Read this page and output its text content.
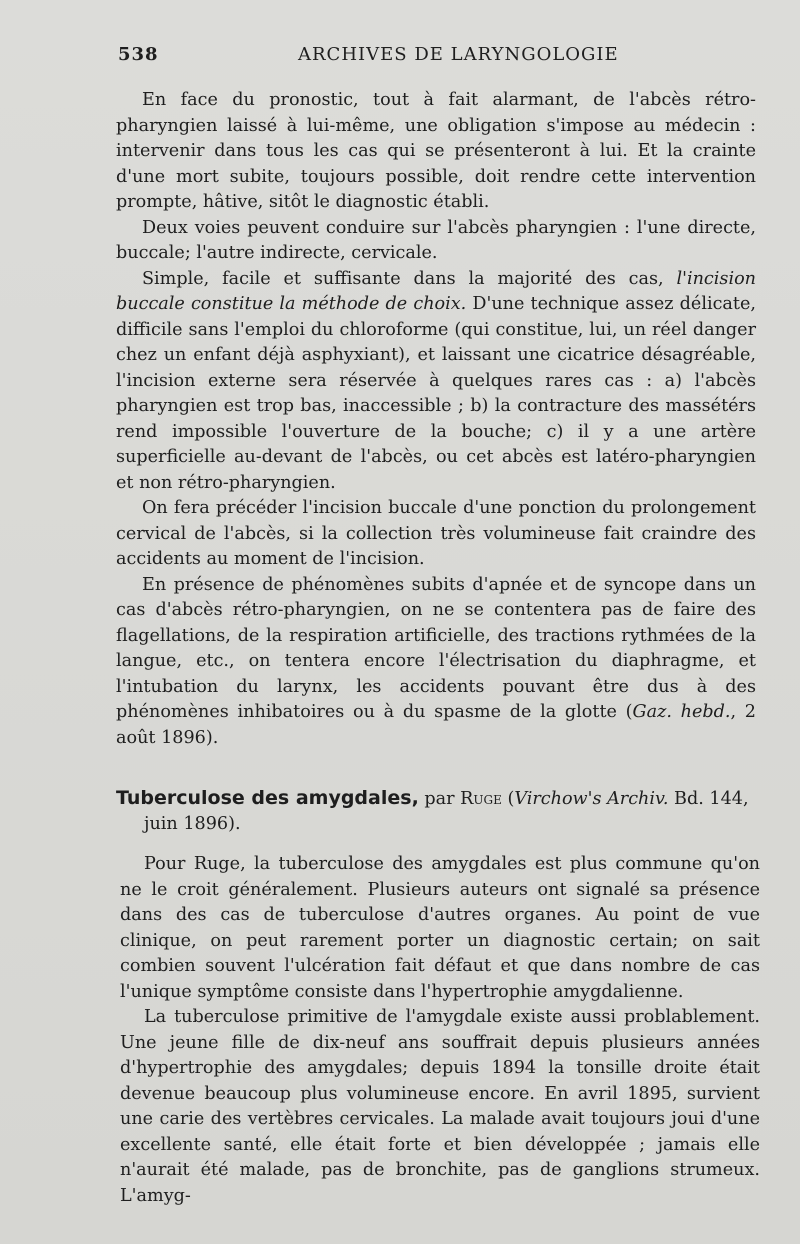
538	ARCHIVES DE LARYNGOLOGIE

En face du pronostic, tout à fait alarmant, de l'abcès rétro-pharyngien laissé à lui-même, une obligation s'impose au médecin : intervenir dans tous les cas qui se présenteront à lui. Et la crainte d'une mort subite, toujours possible, doit rendre cette intervention prompte, hâtive, sitôt le diagnostic établi.

Deux voies peuvent conduire sur l'abcès pharyngien : l'une directe, buccale; l'autre indirecte, cervicale.

Simple, facile et suffisante dans la majorité des cas, l'incision buccale constitue la méthode de choix. D'une technique assez délicate, difficile sans l'emploi du chloroforme (qui constitue, lui, un réel danger chez un enfant déjà asphyxiant), et laissant une cicatrice désagréable, l'incision externe sera réservée à quelques rares cas : a) l'abcès pharyngien est trop bas, inaccessible ; b) la contracture des massétérs rend impossible l'ouverture de la bouche; c) il y a une artère superficielle au-devant de l'abcès, ou cet abcès est latéro-pharyngien et non rétro-pharyngien.

On fera précéder l'incision buccale d'une ponction du prolongement cervical de l'abcès, si la collection très volumineuse fait craindre des accidents au moment de l'incision.

En présence de phénomènes subits d'apnée et de syncope dans un cas d'abcès rétro-pharyngien, on ne se contentera pas de faire des flagellations, de la respiration artificielle, des tractions rythmées de la langue, etc., on tentera encore l'électrisation du diaphragme, et l'intubation du larynx, les accidents pouvant être dus à des phénomènes inhibatoires ou à du spasme de la glotte (Gaz. hebd., 2 août 1896).

Tuberculose des amygdales, par Ruge (Virchow's Archiv. Bd. 144, juin 1896).

Pour Ruge, la tuberculose des amygdales est plus commune qu'on ne le croit généralement. Plusieurs auteurs ont signalé sa présence dans des cas de tuberculose d'autres organes. Au point de vue clinique, on peut rarement porter un diagnostic certain; on sait combien souvent l'ulcération fait défaut et que dans nombre de cas l'unique symptôme consiste dans l'hypertrophie amygdalienne.

La tuberculose primitive de l'amygdale existe aussi problablement. Une jeune fille de dix-neuf ans souffrait depuis plusieurs années d'hypertrophie des amygdales; depuis 1894 la tonsille droite était devenue beaucoup plus volumineuse encore. En avril 1895, survient une carie des vertèbres cervicales. La malade avait toujours joui d'une excellente santé, elle était forte et bien développée ; jamais elle n'aurait été malade, pas de bronchite, pas de ganglions strumeux. L'amyg-
